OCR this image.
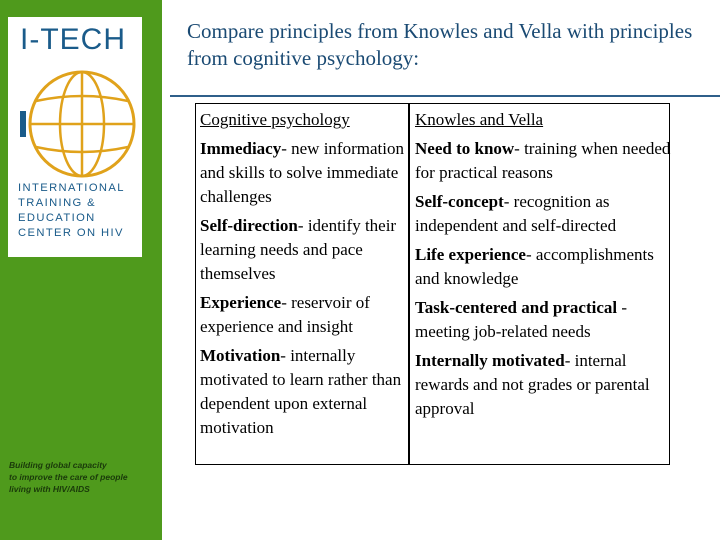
I-TECH
INTERNATIONAL
TRAINING &
EDUCATION
CENTER ON HIV
Building global capacity
to improve the care of people
living with HIV/AIDS
Compare principles from Knowles and Vella with principles from cognitive psychology:
Cognitive psychology
Immediacy- new information and skills to solve immediate challenges
Self-direction- identify their learning needs and pace themselves
Experience- reservoir of experience and insight
Motivation- internally motivated to learn rather than dependent upon external motivation
Knowles and Vella
Need to know- training when needed for practical reasons
Self-concept- recognition as independent and self-directed
Life experience- accomplishments and knowledge
Task-centered and practical - meeting job-related needs
Internally motivated- internal rewards and not grades or parental approval
